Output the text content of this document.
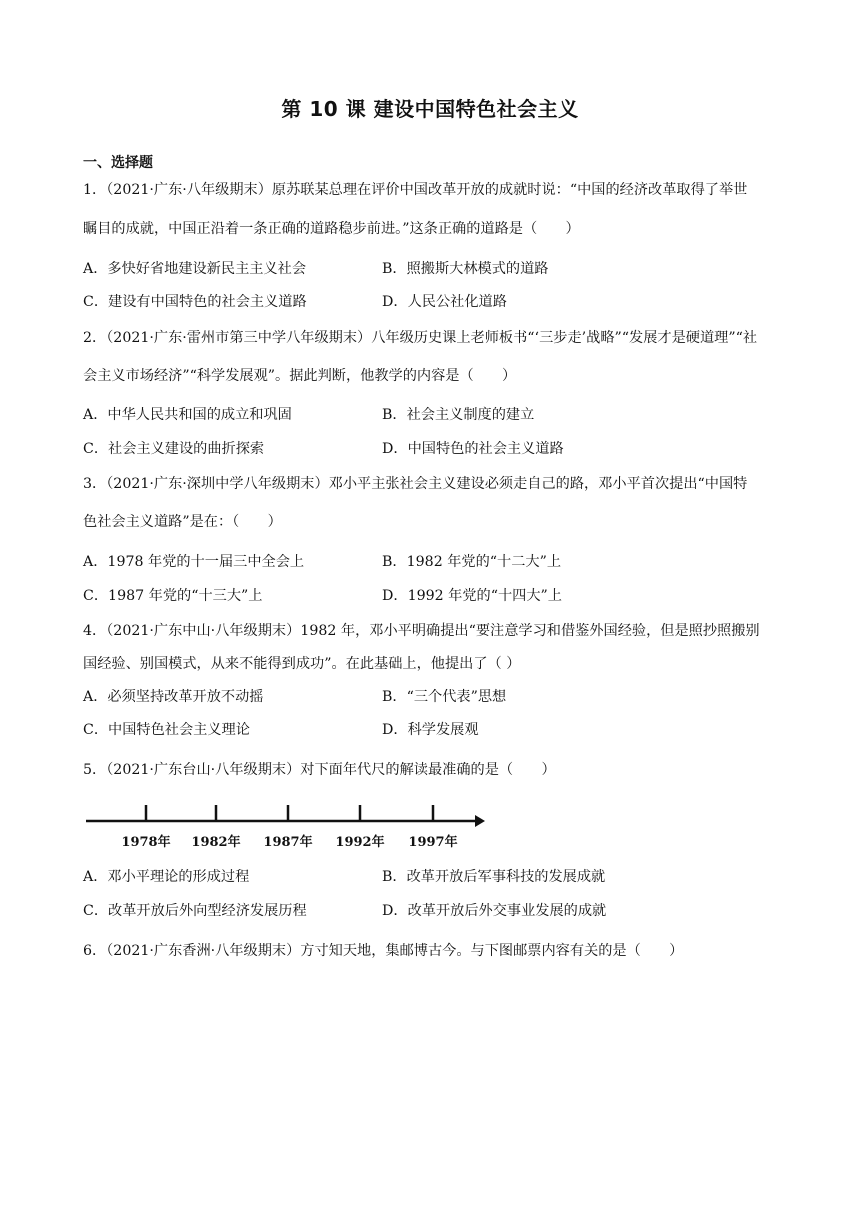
第 10 课 建设中国特色社会主义
一、选择题
1．（2021·广东·八年级期末）原苏联某总理在评价中国改革开放的成就时说：“中国的经济改革取得了举世
瞩目的成就，中国正沿着一条正确的道路稳步前进。”这条正确的道路是（　　）
A．多快好省地建设新民主主义社会	B．照搬斯大林模式的道路
C．建设有中国特色的社会主义道路	D．人民公社化道路
2．（2021·广东·雷州市第三中学八年级期末）八年级历史课上老师板书“‘三步走’战略”“发展才是硬道理”“社
会主义市场经济”“科学发展观”。据此判断，他教学的内容是（　　）
A．中华人民共和国的成立和巩固	B．社会主义制度的建立
C．社会主义建设的曲折探索	D．中国特色的社会主义道路
3．（2021·广东·深圳中学八年级期末）邓小平主张社会主义建设必须走自己的路，邓小平首次提出“中国特
色社会主义道路”是在：（　　）
A．1978 年党的十一届三中全会上	B．1982 年党的“十二大”上
C．1987 年党的“十三大”上	D．1992 年党的“十四大”上
4．（2021·广东中山·八年级期末）1982 年，邓小平明确提出“要注意学习和借鉴外国经验，但是照抄照搬别
国经验、别国模式，从来不能得到成功”。在此基础上，他提出了（ ）
A．必须坚持改革开放不动摇	B．“三个代表”思想
C．中国特色社会主义理论	D．科学发展观
5．（2021·广东台山·八年级期末）对下面年代尺的解读最准确的是（　　）
1978年 1982年 1987年 1992年 1997年
A．邓小平理论的形成过程	B．改革开放后军事科技的发展成就
C．改革开放后外向型经济发展历程	D．改革开放后外交事业发展的成就
6．（2021·广东香洲·八年级期末）方寸知天地，集邮博古今。与下图邮票内容有关的是（　　）
